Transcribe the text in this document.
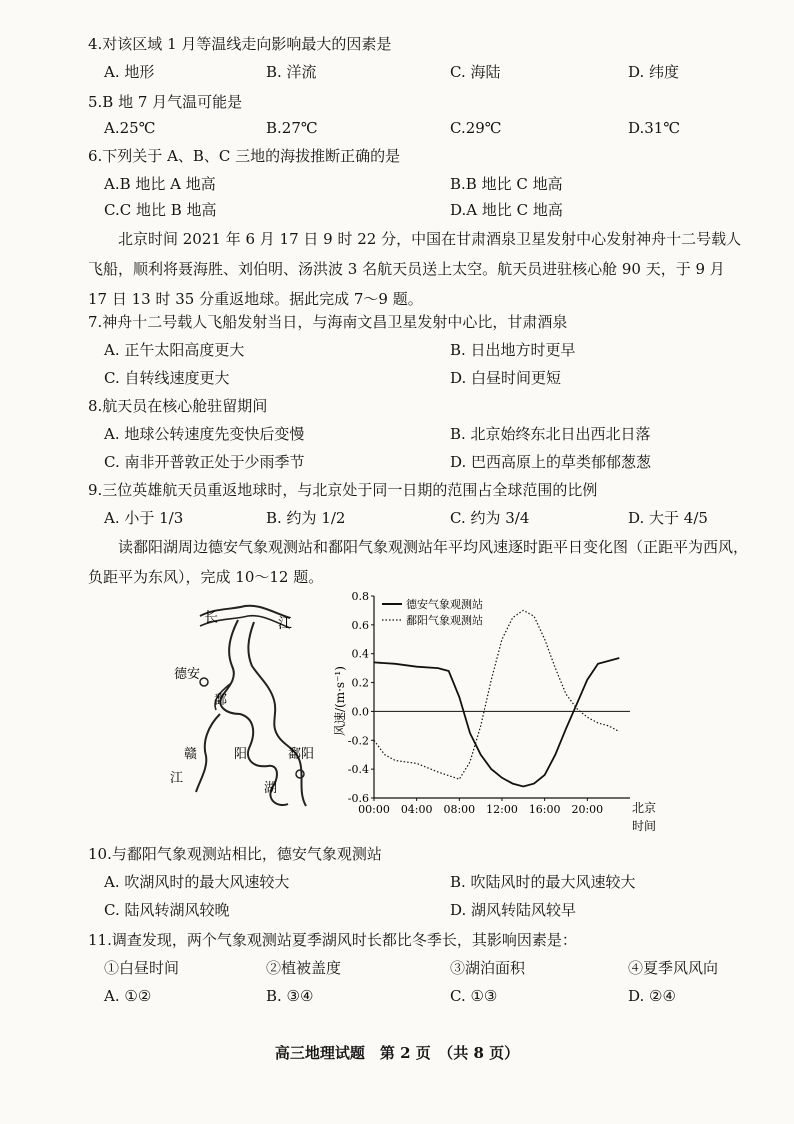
4.对该区域 1 月等温线走向影响最大的因素是
A. 地形	B. 洋流	C. 海陆	D. 纬度
5.B 地 7 月气温可能是
A.25℃	B.27℃	C.29℃	D.31℃
6.下列关于 A、B、C 三地的海拔推断正确的是
A.B 地比 A 地高	B.B 地比 C 地高
C.C 地比 B 地高	D.A 地比 C 地高
北京时间 2021 年 6 月 17 日 9 时 22 分，中国在甘肃酒泉卫星发射中心发射神舟十二号载人飞船，顺利将聂海胜、刘伯明、汤洪波 3 名航天员送上太空。航天员进驻核心舱 90 天，于 9 月 17 日 13 时 35 分重返地球。据此完成 7～9 题。
7.神舟十二号载人飞船发射当日，与海南文昌卫星发射中心比，甘肃酒泉
A. 正午太阳高度更大	B. 日出地方时更早
C. 自转线速度更大	D. 白昼时间更短
8.航天员在核心舱驻留期间
A. 地球公转速度先变快后变慢	B. 北京始终东北日出西北日落
C. 南非开普敦正处于少雨季节	D. 巴西高原上的草类郁郁葱葱
9.三位英雄航天员重返地球时，与北京处于同一日期的范围占全球范围的比例
A. 小于 1/3	B. 约为 1/2	C. 约为 3/4	D. 大于 4/5
读鄱阳湖周边德安气象观测站和鄱阳气象观测站年平均风速逐时距平日变化图（正距平为西风，负距平为东风），完成 10～12 题。
长	江
德安
鄱
阳
湖
赣
江
鄱阳
0.8
0.6
0.4
0.2
0.0
-0.2
-0.4
-0.6
00:00 04:00 08:00 12:00 16:00 20:00
德安气象观测站
鄱阳气象观测站
风速/(m·s⁻¹)
北京
时间
10.与鄱阳气象观测站相比，德安气象观测站
A. 吹湖风时的最大风速较大	B. 吹陆风时的最大风速较大
C. 陆风转湖风较晚	D. 湖风转陆风较早
11.调查发现，两个气象观测站夏季湖风时长都比冬季长，其影响因素是：
①白昼时间	②植被盖度	③湖泊面积	④夏季风风向
A. ①②	B. ③④	C. ①③	D. ②④
高三地理试题　第 2 页　（共 8 页）
